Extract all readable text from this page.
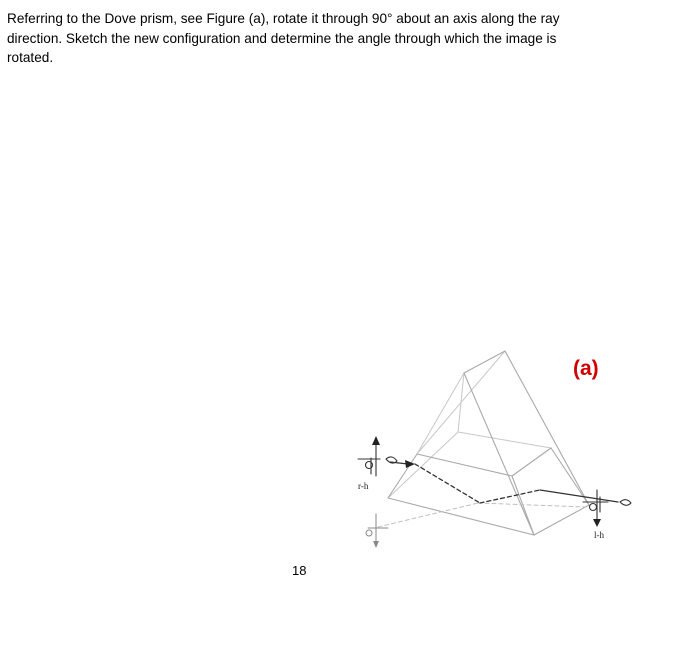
Referring to the Dove prism, see Figure (a), rotate it through 90° about an axis along the ray direction. Sketch the new configuration and determine the angle through which the image is rotated.

r-h
l-h
(a)
18
